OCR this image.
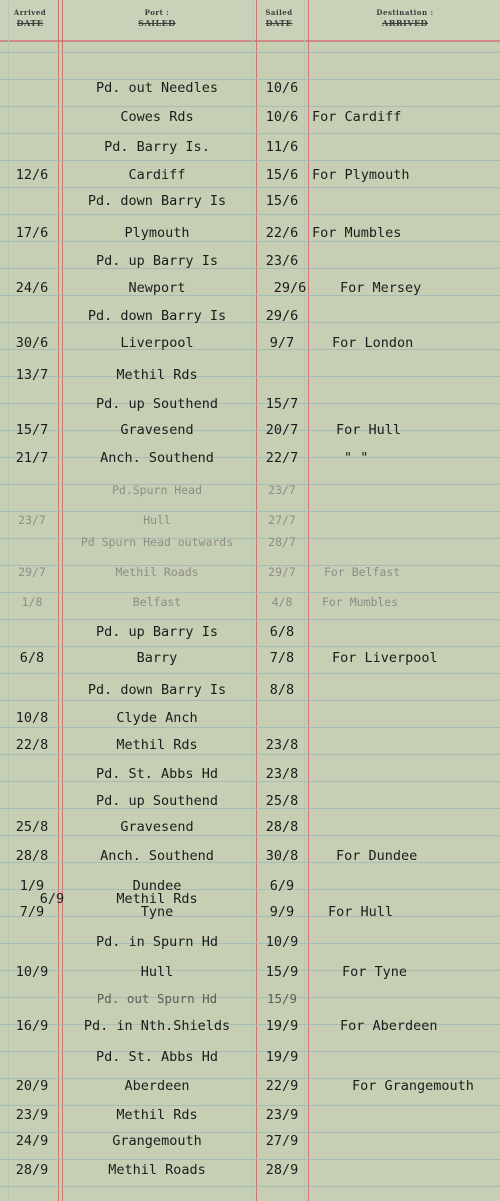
Arrived
DATE
Port :
SAILED
Sailed
DATE
Destination :
ARRIVED
Pd. out Needles	10/6
Cowes Rds	10/6	For Cardiff
Pd. Barry Is.	11/6
12/6	Cardiff	15/6	For Plymouth
Pd. down Barry Is	15/6
17/6	Plymouth	22/6	For Mumbles
Pd. up Barry Is	23/6
24/6	Newport	29/6	For Mersey
Pd. down Barry Is	29/6
30/6	Liverpool	9/7	For London
13/7	Methil Rds
Pd. up Southend	15/7
15/7	Gravesend	20/7	For Hull
21/7	Anch. Southend	22/7	" "
Pd.Spurn Head	23/7
23/7	Hull	27/7
Pd Spurn Head outwards	28/7
29/7	Methil Roads	29/7	For Belfast
1/8	Belfast	4/8	For Mumbles
Pd. up Barry Is	6/8
6/8	Barry	7/8	For Liverpool
Pd. down Barry Is	8/8
10/8	Clyde Anch
22/8	Methil Rds	23/8
Pd. St. Abbs Hd	23/8
Pd. up Southend	25/8
25/8	Gravesend	28/8
28/8	Anch. Southend	30/8	For Dundee
1/9	Dundee	6/9
6/9	Methil Rds
7/9	Tyne	9/9	For Hull
Pd. in Spurn Hd	10/9
10/9	Hull	15/9	For Tyne
Pd. out Spurn Hd	15/9
16/9	Pd. in Nth.Shields	19/9	For Aberdeen
Pd. St. Abbs Hd	19/9
20/9	Aberdeen	22/9	For Grangemouth
23/9	Methil Rds	23/9
24/9	Grangemouth	27/9
28/9	Methil Roads	28/9
